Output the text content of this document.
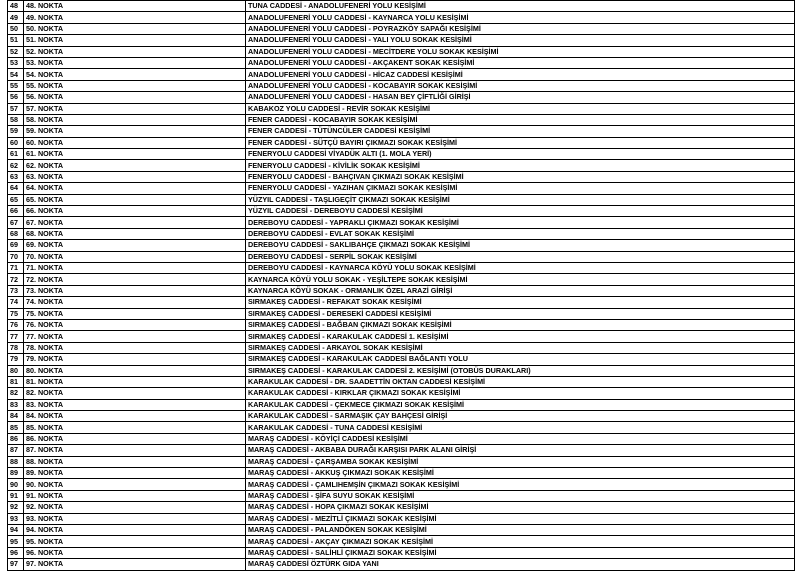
48	48. NOKTA	TUNA CADDESİ - ANADOLUFENERİ YOLU KESİŞİMİ
49	49. NOKTA	ANADOLUFENERİ YOLU CADDESİ - KAYNARCA YOLU KESİŞİMİ
50	50. NOKTA	ANADOLUFENERİ YOLU CADDESİ - POYRAZKÖY SAPAĞI KESİŞİMİ
51	51. NOKTA	ANADOLUFENERİ YOLU CADDESİ - YALI YOLU SOKAK KESİŞİMİ
52	52. NOKTA	ANADOLUFENERİ YOLU CADDESİ - MECİTDERE YOLU SOKAK KESİŞİMİ
53	53. NOKTA	ANADOLUFENERİ YOLU CADDESİ - AKÇAKENT SOKAK KESİŞİMİ
54	54. NOKTA	ANADOLUFENERİ YOLU CADDESİ - HİCAZ CADDESİ KESİŞİMİ
55	55. NOKTA	ANADOLUFENERİ YOLU CADDESİ - KOCABAYIR SOKAK KESİŞİMİ
56	56. NOKTA	ANADOLUFENERİ YOLU CADDESİ - HASAN BEY ÇİFTLİĞİ GİRİŞİ
57	57. NOKTA	KABAKOZ YOLU CADDESİ - REVİR SOKAK KESİŞİMİ
58	58. NOKTA	FENER CADDESİ - KOCABAYIR SOKAK KESİŞİMİ
59	59. NOKTA	FENER CADDESİ - TÜTÜNCÜLER CADDESİ KESİŞİMİ
60	60. NOKTA	FENER CADDESİ - SÜTÇÜ BAYIRI ÇIKMAZI SOKAK KESİŞİMİ
61	61. NOKTA	FENERYOLU CADDESİ VİYADÜK ALTI (1. MOLA YERİ)
62	62. NOKTA	FENERYOLU CADDESİ - KİVİLİK SOKAK KESİŞİMİ
63	63. NOKTA	FENERYOLU CADDESİ - BAHÇIVAN ÇIKMAZI SOKAK KESİŞİMİ
64	64. NOKTA	FENERYOLU CADDESİ - YAZIHAN ÇIKMAZI SOKAK KESİŞİMİ
65	65. NOKTA	YÜZYIL CADDESİ - TAŞLIGEÇİT ÇIKMAZI SOKAK KESİŞİMİ
66	66. NOKTA	YÜZYIL CADDESİ - DEREBOYU CADDESİ KESİŞİMİ
67	67. NOKTA	DEREBOYU CADDESİ - YAPRAKLI ÇIKMAZI SOKAK KESİŞİMİ
68	68. NOKTA	DEREBOYU CADDESİ - EVLAT SOKAK KESİŞİMİ
69	69. NOKTA	DEREBOYU CADDESİ - SAKLIBAHÇE ÇIKMAZI SOKAK KESİŞİMİ
70	70. NOKTA	DEREBOYU CADDESİ - SERPİL SOKAK KESİŞİMİ
71	71. NOKTA	DEREBOYU CADDESİ - KAYNARCA KÖYÜ YOLU SOKAK KESİŞİMİ
72	72. NOKTA	KAYNARCA KÖYÜ YOLU SOKAK - YEŞİLTEPE SOKAK KESİŞİMİ
73	73. NOKTA	KAYNARCA KÖYÜ SOKAK - ORMANLIK ÖZEL ARAZİ GİRİŞİ
74	74. NOKTA	SIRMAKEŞ CADDESİ - REFAKAT SOKAK KESİŞİMİ
75	75. NOKTA	SIRMAKEŞ CADDESİ - DERESEKİ CADDESİ KESİŞİMİ
76	76. NOKTA	SIRMAKEŞ CADDESİ - BAĞBAN ÇIKMAZI SOKAK KESİŞİMİ
77	77. NOKTA	SIRMAKEŞ CADDESİ - KARAKULAK CADDESİ 1. KESİŞİMİ
78	78. NOKTA	SIRMAKEŞ CADDESİ - ARKAYOL SOKAK KESİŞİMİ
79	79. NOKTA	SIRMAKEŞ CADDESİ - KARAKULAK CADDESİ BAĞLANTI YOLU
80	80. NOKTA	SIRMAKEŞ CADDESİ - KARAKULAK CADDESİ 2. KESİŞİMİ (OTOBÜS DURAKLARI)
81	81. NOKTA	KARAKULAK CADDESİ - DR. SAADETTİN OKTAN CADDESİ KESİŞİMİ
82	82. NOKTA	KARAKULAK CADDESİ - KIRKLAR ÇIKMAZI SOKAK KESİŞİMİ
83	83. NOKTA	KARAKULAK CADDESİ - ÇEKMECE ÇIKMAZI SOKAK KESİŞİMİ
84	84. NOKTA	KARAKULAK CADDESİ - SARMAŞIK ÇAY BAHÇESİ GİRİŞİ
85	85. NOKTA	KARAKULAK CADDESİ - TUNA CADDESİ KESİŞİMİ
86	86. NOKTA	MARAŞ CADDESİ - KÖYİÇİ CADDESİ KESİŞİMİ
87	87. NOKTA	MARAŞ CADDESİ - AKBABA DURAĞI KARŞISI PARK ALANI GİRİŞİ
88	88. NOKTA	MARAŞ CADDESİ - ÇARŞAMBA SOKAK KESİŞİMİ
89	89. NOKTA	MARAŞ CADDESİ - AKKUŞ ÇIKMAZI SOKAK KESİŞİMİ
90	90. NOKTA	MARAŞ CADDESİ - ÇAMLIHEMŞİN ÇIKMAZI SOKAK KESİŞİMİ
91	91. NOKTA	MARAŞ CADDESİ - ŞİFA SUYU SOKAK KESİŞİMİ
92	92. NOKTA	MARAŞ CADDESİ - HOPA ÇIKMAZI SOKAK KESİŞİMİ
93	93. NOKTA	MARAŞ CADDESİ - MEZİTLİ ÇIKMAZI SOKAK KESİŞİMİ
94	94. NOKTA	MARAŞ CADDESİ - PALANDÖKEN SOKAK KESİŞİMİ
95	95. NOKTA	MARAŞ CADDESİ - AKÇAY ÇIKMAZI SOKAK KESİŞİMİ
96	96. NOKTA	MARAŞ CADDESİ - SALİHLİ ÇIKMAZI SOKAK KESİŞİMİ
97	97. NOKTA	MARAŞ CADDESİ ÖZTÜRK GIDA YANI
